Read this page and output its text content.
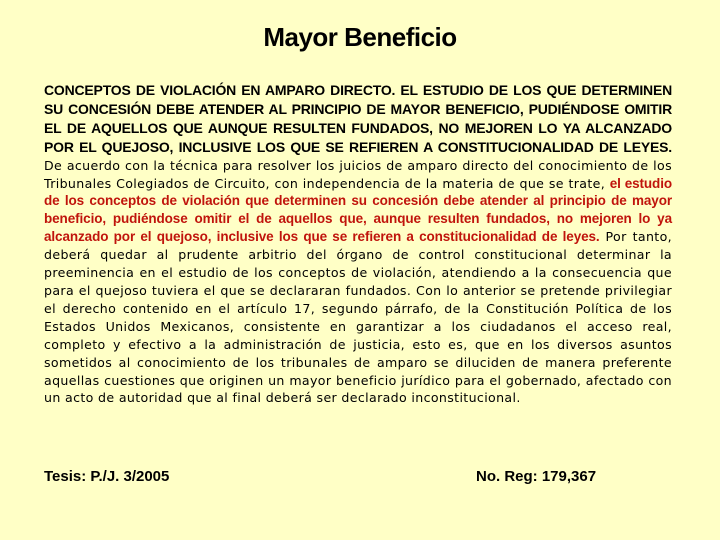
Mayor Beneficio

CONCEPTOS DE VIOLACIÓN EN AMPARO DIRECTO. EL ESTUDIO DE LOS QUE DETERMINEN SU CONCESIÓN DEBE ATENDER AL PRINCIPIO DE MAYOR BENEFICIO, PUDIÉNDOSE OMITIR EL DE AQUELLOS QUE AUNQUE RESULTEN FUNDADOS, NO MEJOREN LO YA ALCANZADO POR EL QUEJOSO, INCLUSIVE LOS QUE SE REFIEREN A CONSTITUCIONALIDAD DE LEYES. De acuerdo con la técnica para resolver los juicios de amparo directo del conocimiento de los Tribunales Colegiados de Circuito, con independencia de la materia de que se trate, el estudio de los conceptos de violación que determinen su concesión debe atender al principio de mayor beneficio, pudiéndose omitir el de aquellos que, aunque resulten fundados, no mejoren lo ya alcanzado por el quejoso, inclusive los que se refieren a constitucionalidad de leyes. Por tanto, deberá quedar al prudente arbitrio del órgano de control constitucional determinar la preeminencia en el estudio de los conceptos de violación, atendiendo a la consecuencia que para el quejoso tuviera el que se declararan fundados. Con lo anterior se pretende privilegiar el derecho contenido en el artículo 17, segundo párrafo, de la Constitución Política de los Estados Unidos Mexicanos, consistente en garantizar a los ciudadanos el acceso real, completo y efectivo a la administración de justicia, esto es, que en los diversos asuntos sometidos al conocimiento de los tribunales de amparo se diluciden de manera preferente aquellas cuestiones que originen un mayor beneficio jurídico para el gobernado, afectado con un acto de autoridad que al final deberá ser declarado inconstitucional.

Tesis: P./J. 3/2005	No. Reg: 179,367
